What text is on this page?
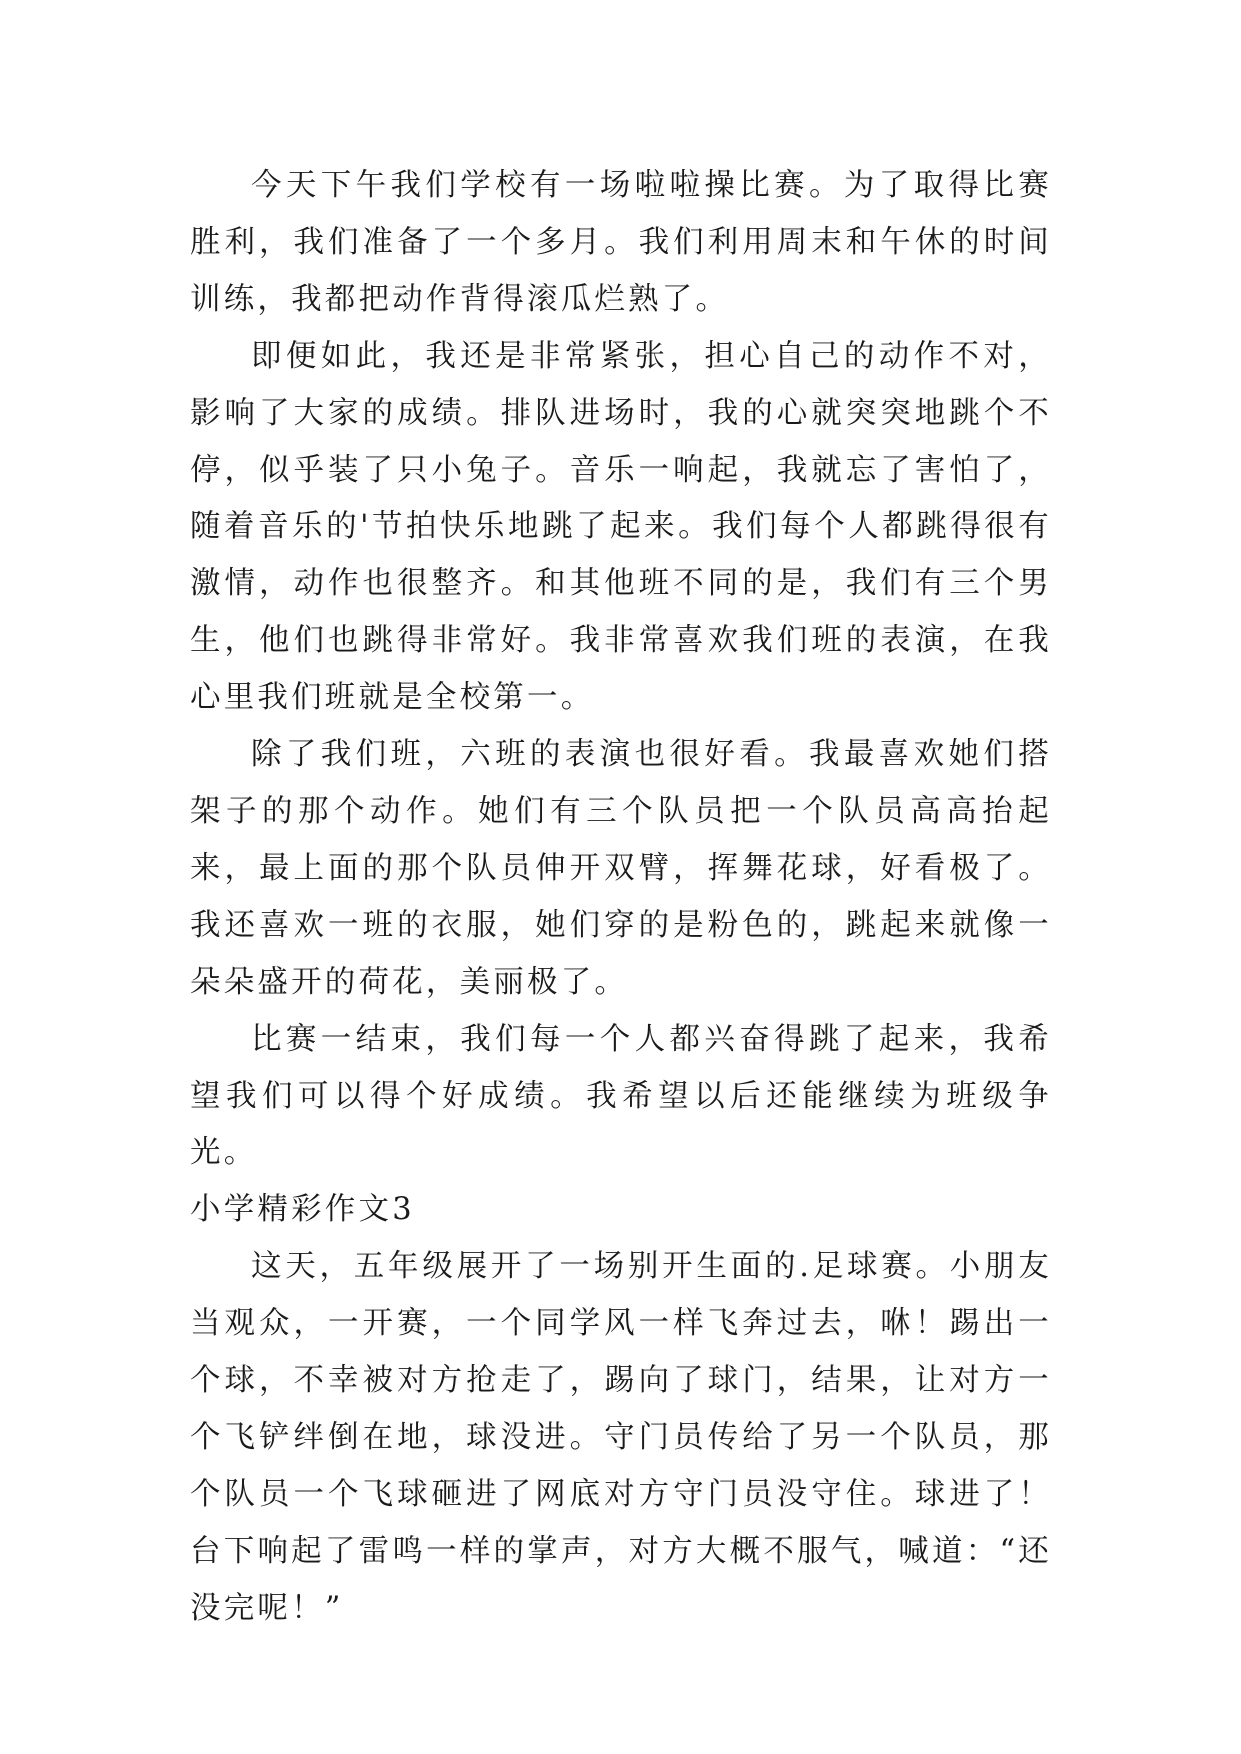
今天下午我们学校有一场啦啦操比赛。为了取得比赛胜利，我们准备了一个多月。我们利用周末和午休的时间训练，我都把动作背得滚瓜烂熟了。

即便如此，我还是非常紧张，担心自己的动作不对，影响了大家的成绩。排队进场时，我的心就突突地跳个不停，似乎装了只小兔子。音乐一响起，我就忘了害怕了，随着音乐的'节拍快乐地跳了起来。我们每个人都跳得很有激情，动作也很整齐。和其他班不同的是，我们有三个男生，他们也跳得非常好。我非常喜欢我们班的表演，在我心里我们班就是全校第一。

除了我们班，六班的表演也很好看。我最喜欢她们搭架子的那个动作。她们有三个队员把一个队员高高抬起来，最上面的那个队员伸开双臂，挥舞花球，好看极了。我还喜欢一班的衣服，她们穿的是粉色的，跳起来就像一朵朵盛开的荷花，美丽极了。

比赛一结束，我们每一个人都兴奋得跳了起来，我希望我们可以得个好成绩。我希望以后还能继续为班级争光。

小学精彩作文3

这天，五年级展开了一场别开生面的.足球赛。小朋友当观众，一开赛，一个同学风一样飞奔过去，咻！踢出一个球，不幸被对方抢走了，踢向了球门，结果，让对方一个飞铲绊倒在地，球没进。守门员传给了另一个队员，那个队员一个飞球砸进了网底对方守门员没守住。球进了！台下响起了雷鸣一样的掌声，对方大概不服气，喊道：“还没完呢！”
